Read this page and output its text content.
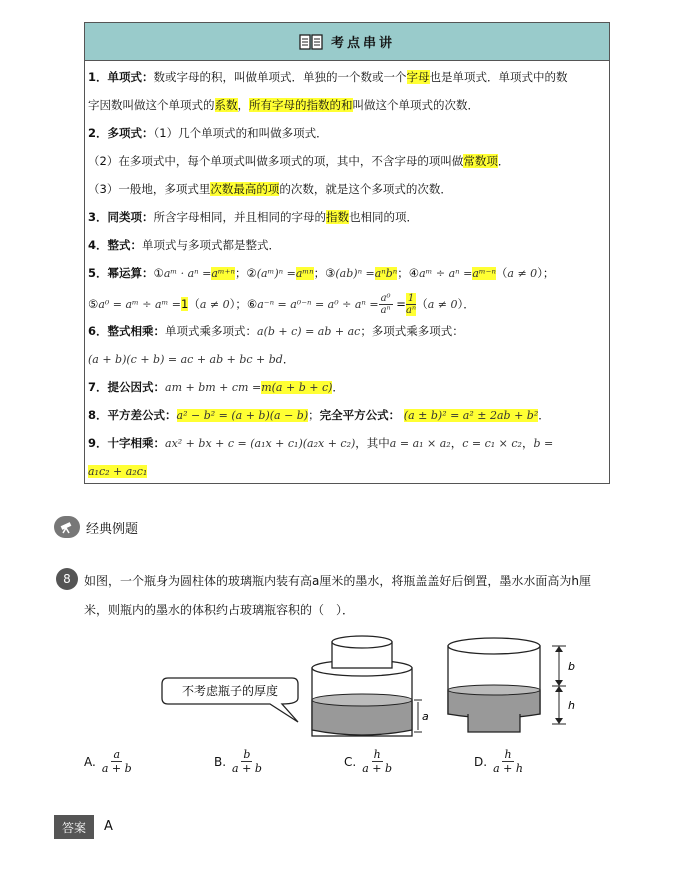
考点串讲
1．单项式：数或字母的积，叫做单项式．单独的一个数或一个字母也是单项式．单项式中的数
字因数叫做这个单项式的系数，所有字母的指数的和叫做这个单项式的次数．
2．多项式：（1）几个单项式的和叫做多项式．
（2）在多项式中，每个单项式叫做多项式的项，其中，不含字母的项叫做常数项．
（3）一般地，多项式里次数最高的项的次数，就是这个多项式的次数．
3．同类项：所含字母相同，并且相同的字母的指数也相同的项．
4．整式：单项式与多项式都是整式．
5．幂运算：①aᵐ · aⁿ =aᵐ⁺ⁿ；②(aᵐ)ⁿ =aᵐⁿ；③(ab)ⁿ =aⁿbⁿ；④aᵐ ÷ aⁿ =aᵐ⁻ⁿ（a ≠ 0）；
⑤a⁰ = aᵐ ÷ aᵐ =1（a ≠ 0）；⑥a⁻ⁿ = $a^{0-n} = a^0 \div a^n = \frac{\text{a⁰}}{\text{aⁿ}} = \frac{1}{\text{aⁿ}} (a \ne 0)$．
6．整式相乘：单项式乘多项式：a(b + c) = ab + ac；多项式乘多项式：
(a + b)(c + b) = ac + ab + bc + bd．
7．提公因式：am + bm + cm =m(a + b + c)．
8．平方差公式：a² − b² = (a + b)(a − b)；完全平方公式： (a ± b)² = a² ± 2ab + b²．
9．十字相乘：ax² + bx + c = (a₁x + c₁)(a₂x + c₂)，其中a = a₁ × a₂，c = c₁ × c₂，b =
a₁c₂ + a₂c₁
经典例题
8	如图，一个瓶身为圆柱体的玻璃瓶内装有高a厘米的墨水，将瓶盖盖好后倒置，墨水水面高为h厘
米，则瓶内的墨水的体积约占玻璃瓶容积的（　）．
不考虑瓶子的厚度
a
b
h
A. $\frac{a}{a + b}$	B. $\frac{b}{a + b}$	C. $\frac{h}{a + b}$	D. $\frac{h}{a + h}$
答案	A
